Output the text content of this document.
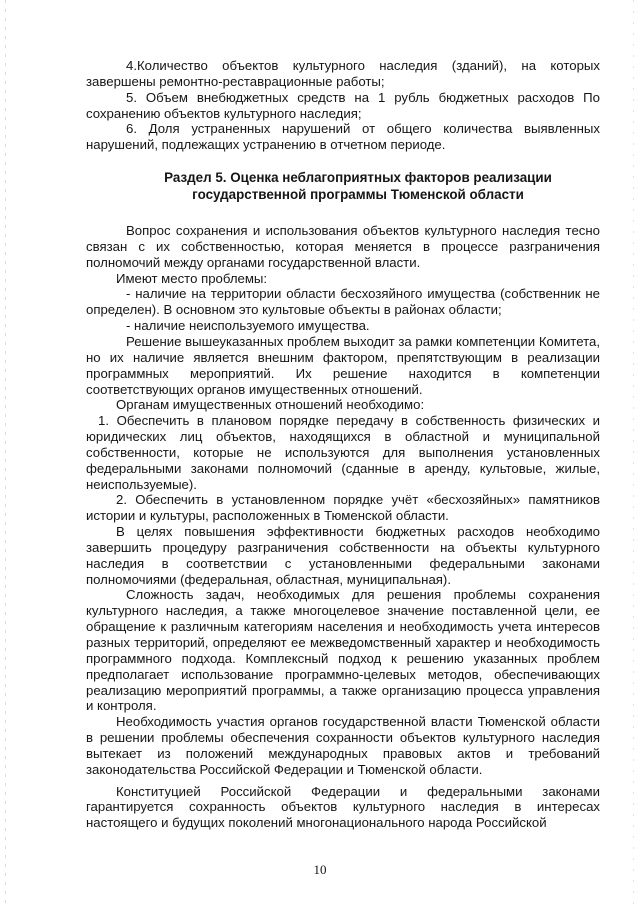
4.Количество объектов культурного наследия (зданий), на которых завершены ремонтно-реставрационные работы;

5. Объем внебюджетных средств на 1 рубль бюджетных расходов По сохранению объектов культурного наследия;

6. Доля устраненных нарушений от общего количества выявленных нарушений, подлежащих устранению в отчетном периоде.

Раздел 5. Оценка неблагоприятных факторов реализации
государственной программы Тюменской области

Вопрос сохранения и использования объектов культурного наследия тесно связан с их собственностью, которая меняется в процессе разграничения полномочий между органами государственной власти.

Имеют место проблемы:

- наличие на территории области бесхозяйного имущества (собственник не определен). В основном это культовые объекты в районах области;

- наличие неиспользуемого имущества.

Решение вышеуказанных проблем выходит за рамки компетенции Комитета, но их наличие является внешним фактором, препятствующим в реализации программных мероприятий. Их решение находится в компетенции соответствующих органов имущественных отношений.

Органам имущественных отношений необходимо:

1. Обеспечить в плановом порядке передачу в собственность физических и юридических лиц объектов, находящихся в областной и муниципальной собственности, которые не используются для выполнения установленных федеральными законами полномочий (сданные в аренду, культовые, жилые, неиспользуемые).

2. Обеспечить в установленном порядке учёт «бесхозяйных» памятников истории и культуры, расположенных в Тюменской области.

В целях повышения эффективности бюджетных расходов необходимо завершить процедуру разграничения собственности на объекты культурного наследия в соответствии с установленными федеральными законами полномочиями (федеральная, областная, муниципальная).

Сложность задач, необходимых для решения проблемы сохранения культурного наследия, а также многоцелевое значение поставленной цели, ее обращение к различным категориям населения и необходимость учета интересов разных территорий, определяют ее межведомственный характер и необходимость программного подхода. Комплексный подход к решению указанных проблем предполагает использование программно-целевых методов, обеспечивающих реализацию мероприятий программы, а также организацию процесса управления и контроля.

Необходимость участия органов государственной власти Тюменской области в решении проблемы обеспечения сохранности объектов культурного наследия вытекает из положений международных правовых актов и требований законодательства Российской Федерации и Тюменской области.

Конституцией Российской Федерации и федеральными законами гарантируется сохранность объектов культурного наследия в интересах настоящего и будущих поколений многонационального народа Российской

10
